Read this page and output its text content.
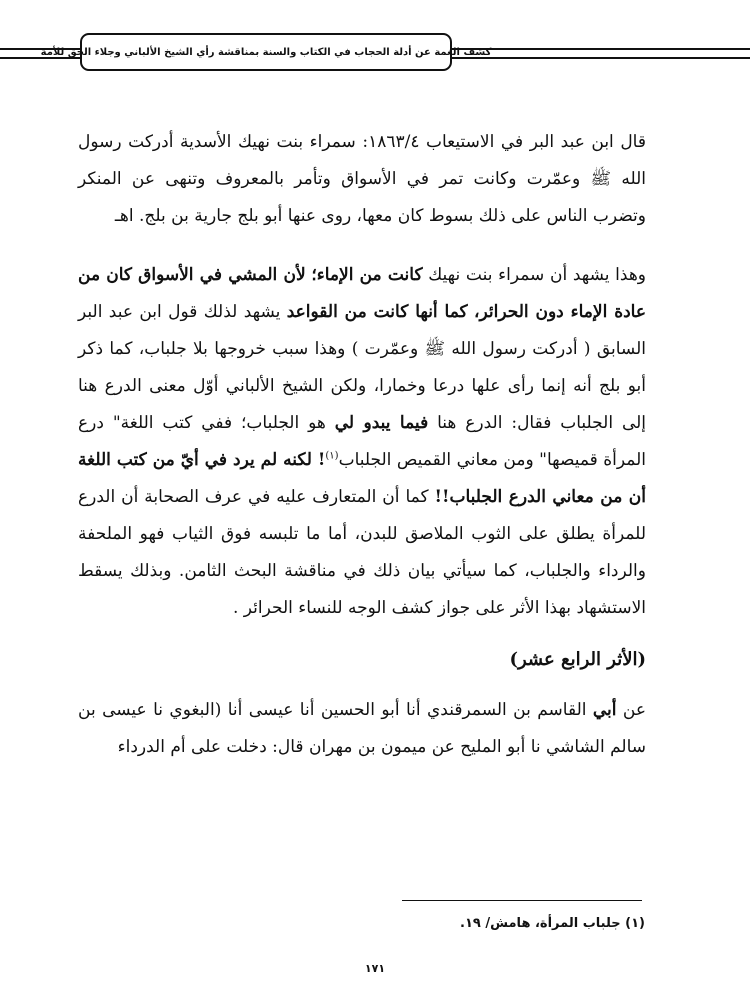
كشف الغمة عن أدلة الحجاب في الكتاب والسنة بمناقشة رأي الشيخ الألباني وجلاء الحق للأمة

قال ابن عبد البر في الاستيعاب ١٨٦٣/٤: سمراء بنت نهيك الأسدية أدركت رسول الله ﷺ وعمّرت وكانت تمر في الأسواق وتأمر بالمعروف وتنهى عن المنكر وتضرب الناس على ذلك بسوط كان معها، روى عنها أبو بلج جارية بن بلج. اهـ

وهذا يشهد أن سمراء بنت نهيك كانت من الإماء؛ لأن المشي في الأسواق كان من عادة الإماء دون الحرائر، كما أنها كانت من القواعد يشهد لذلك قول ابن عبد البر السابق ( أدركت رسول الله ﷺ وعمّرت ) وهذا سبب خروجها بلا جلباب، كما ذكر أبو بلج أنه إنما رأى علها درعا وخمارا، ولكن الشيخ الألباني أوّل معنى الدرع هنا إلى الجلباب فقال: الدرع هنا فيما يبدو لي هو الجلباب؛ ففي كتب اللغة" درع المرأة قميصها" ومن معاني القميص الجلباب$^{(١)}$! لكنه لم يرد في أيّ من كتب اللغة أن من معاني الدرع الجلباب!! كما أن المتعارف عليه في عرف الصحابة أن الدرع للمرأة يطلق على الثوب الملاصق للبدن، أما ما تلبسه فوق الثياب فهو الملحفة والرداء والجلباب، كما سيأتي بيان ذلك في مناقشة البحث الثامن. وبذلك يسقط الاستشهاد بهذا الأثر على جواز كشف الوجه للنساء الحرائر .

(الأثر الرابع عشر)

عن أبي القاسم بن السمرقندي أنا أبو الحسين أنا عيسى أنا (البغوي نا عيسى بن سالم الشاشي نا أبو المليح عن ميمون بن مهران قال: دخلت على أم الدرداء

(١) جلباب المرأة، هامش/ ١٩.
١٧١
